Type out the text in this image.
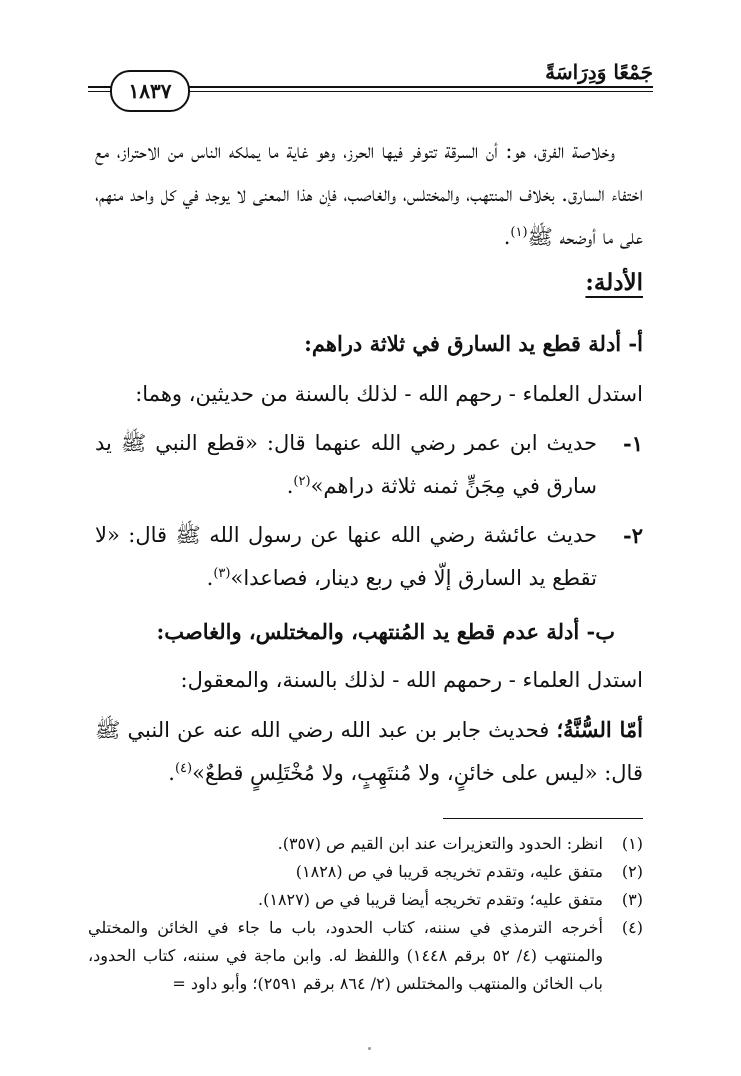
جَمْعًا وَدِرَاسَةً
١٨٣٧

وخلاصة الفرق، هو: أن السرقة تتوفر فيها الحرز، وهو غاية ما يملكه الناس من الاحتراز، مع اختفاء السارق. بخلاف المنتهب، والمختلس، والغاصب، فإن هذا المعنى لا يوجد في كل واحد منهم، على ما أوضحه ﷺ$^{(١)}$.

الأدلة:
أ- أدلة قطع يد السارق في ثلاثة دراهم:

استدل العلماء - رحهم الله - لذلك بالسنة من حديثين، وهما:

١-
حديث ابن عمر رضي الله عنهما قال: «قطع النبي ﷺ يد سارق في مِجَنٍّ ثمنه ثلاثة دراهم»$^{(٢)}$.
٢-
حديث عائشة رضي الله عنها عن رسول الله ﷺ قال: «لا تقطع يد السارق إلّا في ربع دينار، فصاعدا»$^{(٣)}$.
ب- أدلة عدم قطع يد المُنتهب، والمختلس، والغاصب:

استدل العلماء - رحمهم الله - لذلك بالسنة، والمعقول:

أمّا السُّنَّةُ؛ فحديث جابر بن عبد الله رضي الله عنه عن النبي ﷺ قال: «ليس على خائنٍ، ولا مُنتَهِبٍ، ولا مُخْتَلِسٍ قطعٌ»$^{(٤)}$.

(١)
انظر: الحدود والتعزيرات عند ابن القيم ص (٣٥٧).
(٢)
متفق عليه، وتقدم تخريجه قريبا في ص (١٨٢٨)
(٣)
متفق عليه؛ وتقدم تخريجه أيضا قريبا في ص (١٨٢٧).
(٤)
أخرجه الترمذي في سننه، كتاب الحدود، باب ما جاء في الخائن والمختلي والمنتهب (٤/ ٥٢ برقم ١٤٤٨) واللفظ له. وابن ماجة في سننه، كتاب الحدود، باب الخائن والمنتهب والمختلس (٢/ ٨٦٤ برقم ٢٥٩١)؛ وأبو داود =
